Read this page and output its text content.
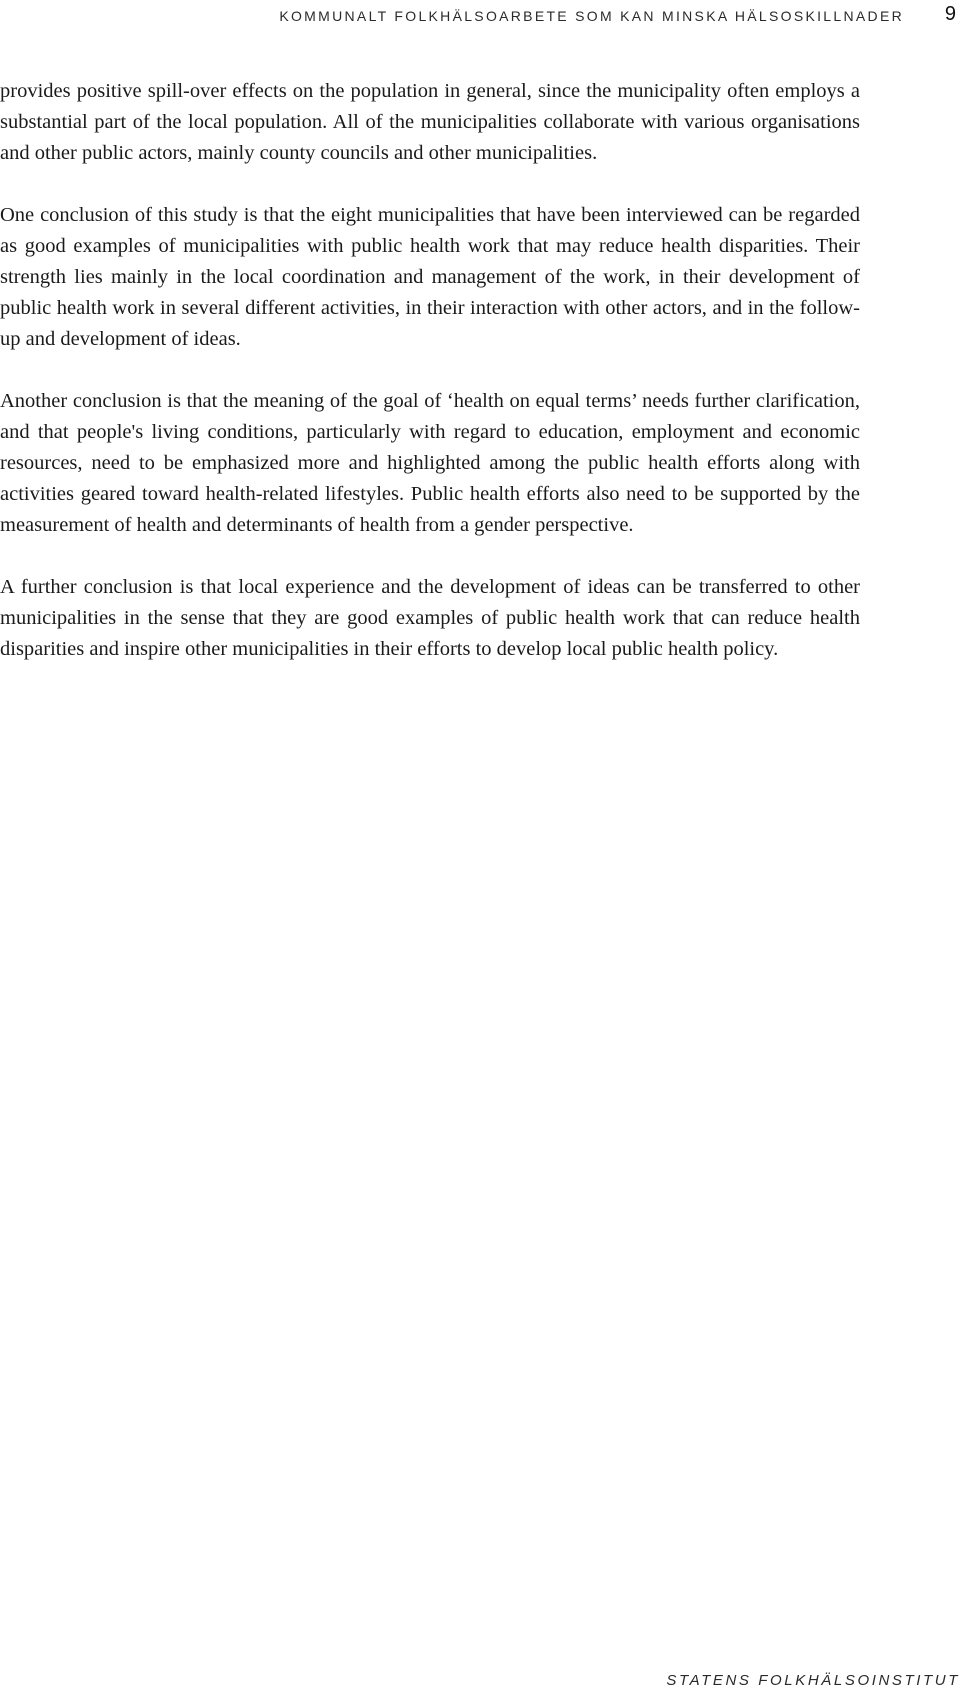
KOMMUNALT FOLKHÄLSOARBETE SOM KAN MINSKA HÄLSOSKILLNADER 9

provides positive spill-over effects on the population in general, since the municipality often employs a substantial part of the local population. All of the municipalities collaborate with various organisations and other public actors, mainly county councils and other municipalities.

One conclusion of this study is that the eight municipalities that have been interviewed can be regarded as good examples of municipalities with public health work that may reduce health disparities. Their strength lies mainly in the local coordination and management of the work, in their development of public health work in several different activities, in their interaction with other actors, and in the follow-up and development of ideas.

Another conclusion is that the meaning of the goal of ‘health on equal terms’ needs further clarification, and that people's living conditions, particularly with regard to education, employment and economic resources, need to be emphasized more and highlighted among the public health efforts along with activities geared toward health-related lifestyles. Public health efforts also need to be supported by the measurement of health and determinants of health from a gender perspective.

A further conclusion is that local experience and the development of ideas can be transferred to other municipalities in the sense that they are good examples of public health work that can reduce health disparities and inspire other municipalities in their efforts to develop local public health policy.

STATENS FOLKHÄLSOINSTITUT
